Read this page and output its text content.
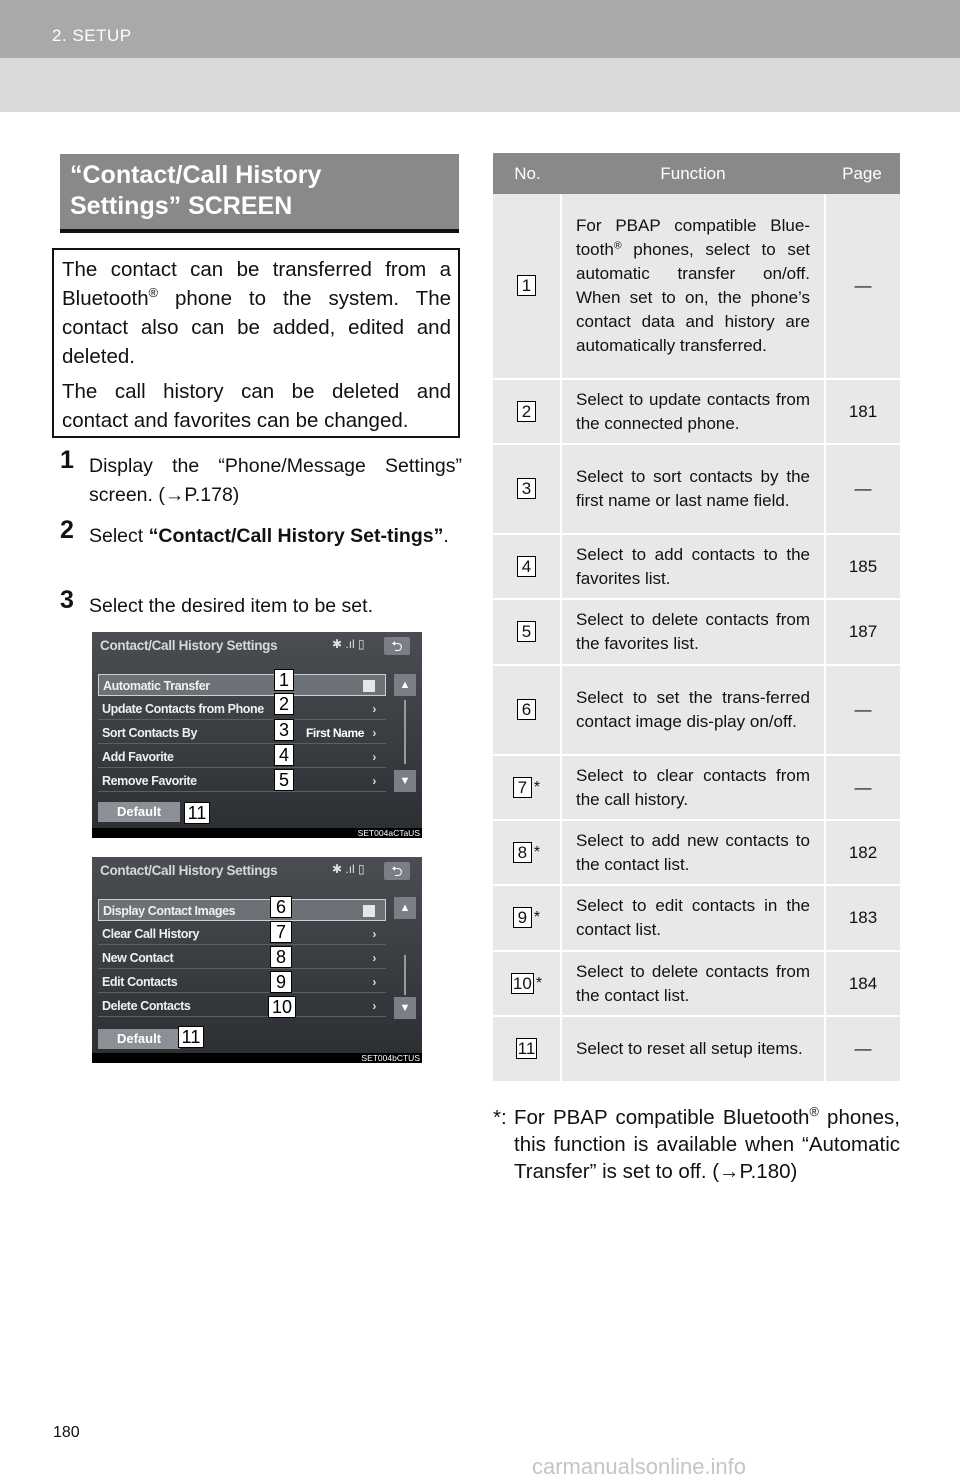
2. SETUP
“Contact/Call History
Settings” SCREEN

The contact can be transferred from a Bluetooth® phone to the system. The contact also can be added, edited and deleted.

The call history can be deleted and contact and favorites can be changed.

1 Display the “Phone/Message Settings” screen. (→P.178)
2 Select “Contact/Call History Set-tings”.
3 Select the desired item to be set.
Contact/Call History Settings	✱ .ıl ▯	⮌
Automatic Transfer
Update Contacts from Phone	›
Sort Contacts By	First Name ›
Add Favorite	›
Remove Favorite	›
▲
▼
Default
SET004aCTaUS
1
2
3
4
5
11
Contact/Call History Settings	✱ .ıl ▯	⮌
Display Contact Images
Clear Call History	›
New Contact	›
Edit Contacts	›
Delete Contacts	›
▲
▼
Default
SET004bCTUS
6
7
8
9
10
11
No.	Function	Page
1	For PBAP compatible Blue-tooth® phones, select to set automatic transfer on/off. When set to on, the phone’s contact data and history are automatically transferred.	—
2	Select to update contacts from the connected phone.	181
3	Select to sort contacts by the first name or last name field.	—
4	Select to add contacts to the favorites list.	185
5	Select to delete contacts from the favorites list.	187
6	Select to set the trans-ferred contact image dis-play on/off.	—
7 *	Select to clear contacts from the call history.	—
8 *	Select to add new contacts to the contact list.	182
9 *	Select to edit contacts in the contact list.	183
10 *	Select to delete contacts from the contact list.	184
11	Select to reset all setup items.	—
*: For PBAP compatible Bluetooth® phones, this function is available when “Automatic Transfer” is set to off. (→P.180)
180
carmanualsonline.info
